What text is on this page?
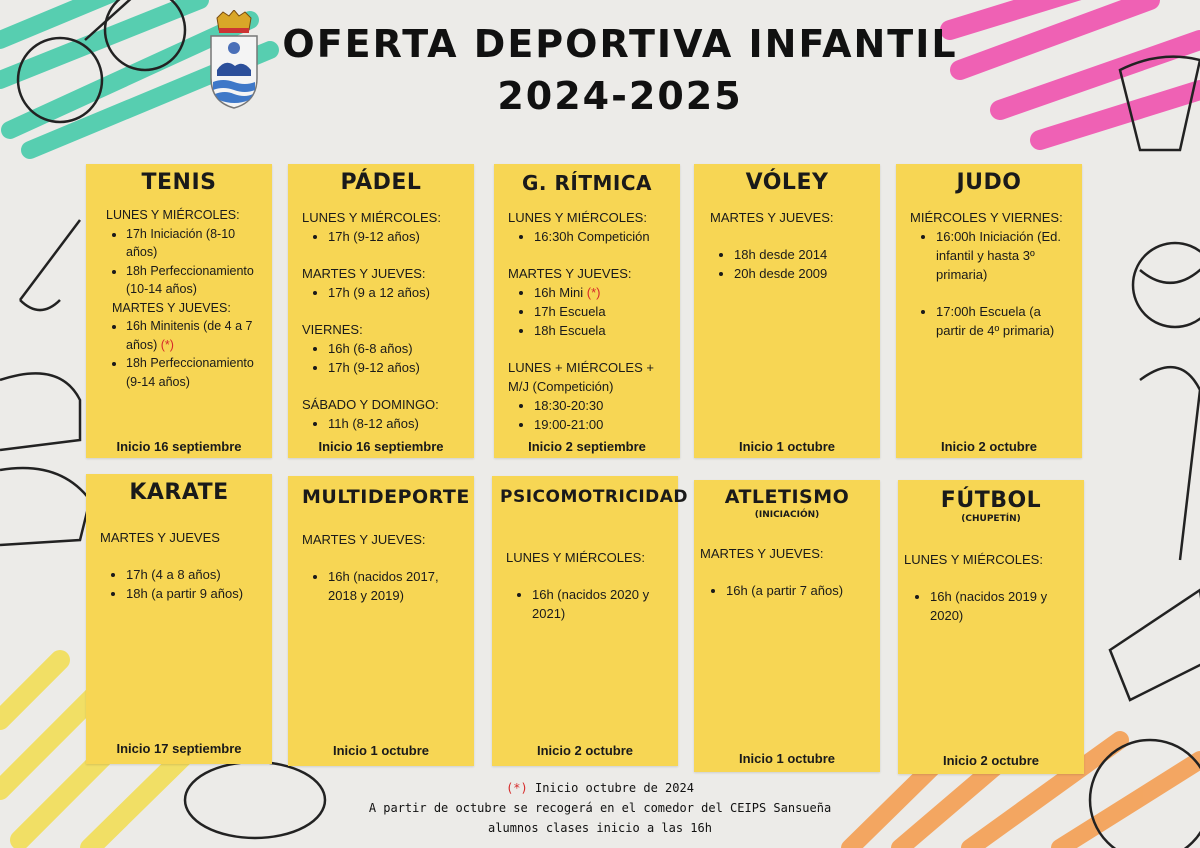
OFERTA DEPORTIVA INFANTIL
2024-2025
TENIS
LUNES Y MIÉRCOLES:
• 17h Iniciación (8-10 años)
• 18h Perfeccionamiento (10-14 años)
MARTES Y JUEVES:
• 16h Minitenis (de 4 a 7 años) (*)
• 18h Perfeccionamiento (9-14 años)
Inicio 16 septiembre
PÁDEL
LUNES Y MIÉRCOLES:
• 17h (9-12 años)
MARTES Y JUEVES:
• 17h (9 a 12 años)
VIERNES:
• 16h (6-8 años)
• 17h (9-12 años)
SÁBADO Y DOMINGO:
• 11h (8-12 años)
Inicio 16 septiembre
G. RÍTMICA
LUNES Y MIÉRCOLES:
• 16:30h Competición
MARTES Y JUEVES:
• 16h Mini (*)
• 17h Escuela
• 18h Escuela
LUNES + MIÉRCOLES + M/J (Competición)
• 18:30-20:30
• 19:00-21:00
Inicio 2 septiembre
VÓLEY
MARTES Y JUEVES:
• 18h desde 2014
• 20h desde 2009
Inicio 1 octubre
JUDO
MIÉRCOLES Y VIERNES:
• 16:00h Iniciación (Ed. infantil y hasta 3º primaria)
• 17:00h Escuela (a partir de 4º primaria)
Inicio 2 octubre
KARATE
MARTES Y JUEVES
• 17h (4 a 8 años)
• 18h (a partir 9 años)
Inicio 17 septiembre
MULTIDEPORTE
MARTES Y JUEVES:
• 16h (nacidos 2017, 2018 y 2019)
Inicio 1 octubre
PSICOMOTRICIDAD
LUNES Y MIÉRCOLES:
• 16h (nacidos 2020 y 2021)
Inicio 2 octubre
ATLETISMO
(INICIACIÓN)
MARTES Y JUEVES:
• 16h (a partir 7 años)
Inicio 1 octubre
FÚTBOL
(CHUPETÍN)
LUNES Y MIÉRCOLES:
• 16h (nacidos 2019 y 2020)
Inicio 2 octubre
(*) Inicio octubre de 2024
A partir de octubre se recogerá en el comedor del CEIPS Sansueña
alumnos clases inicio a las 16h
